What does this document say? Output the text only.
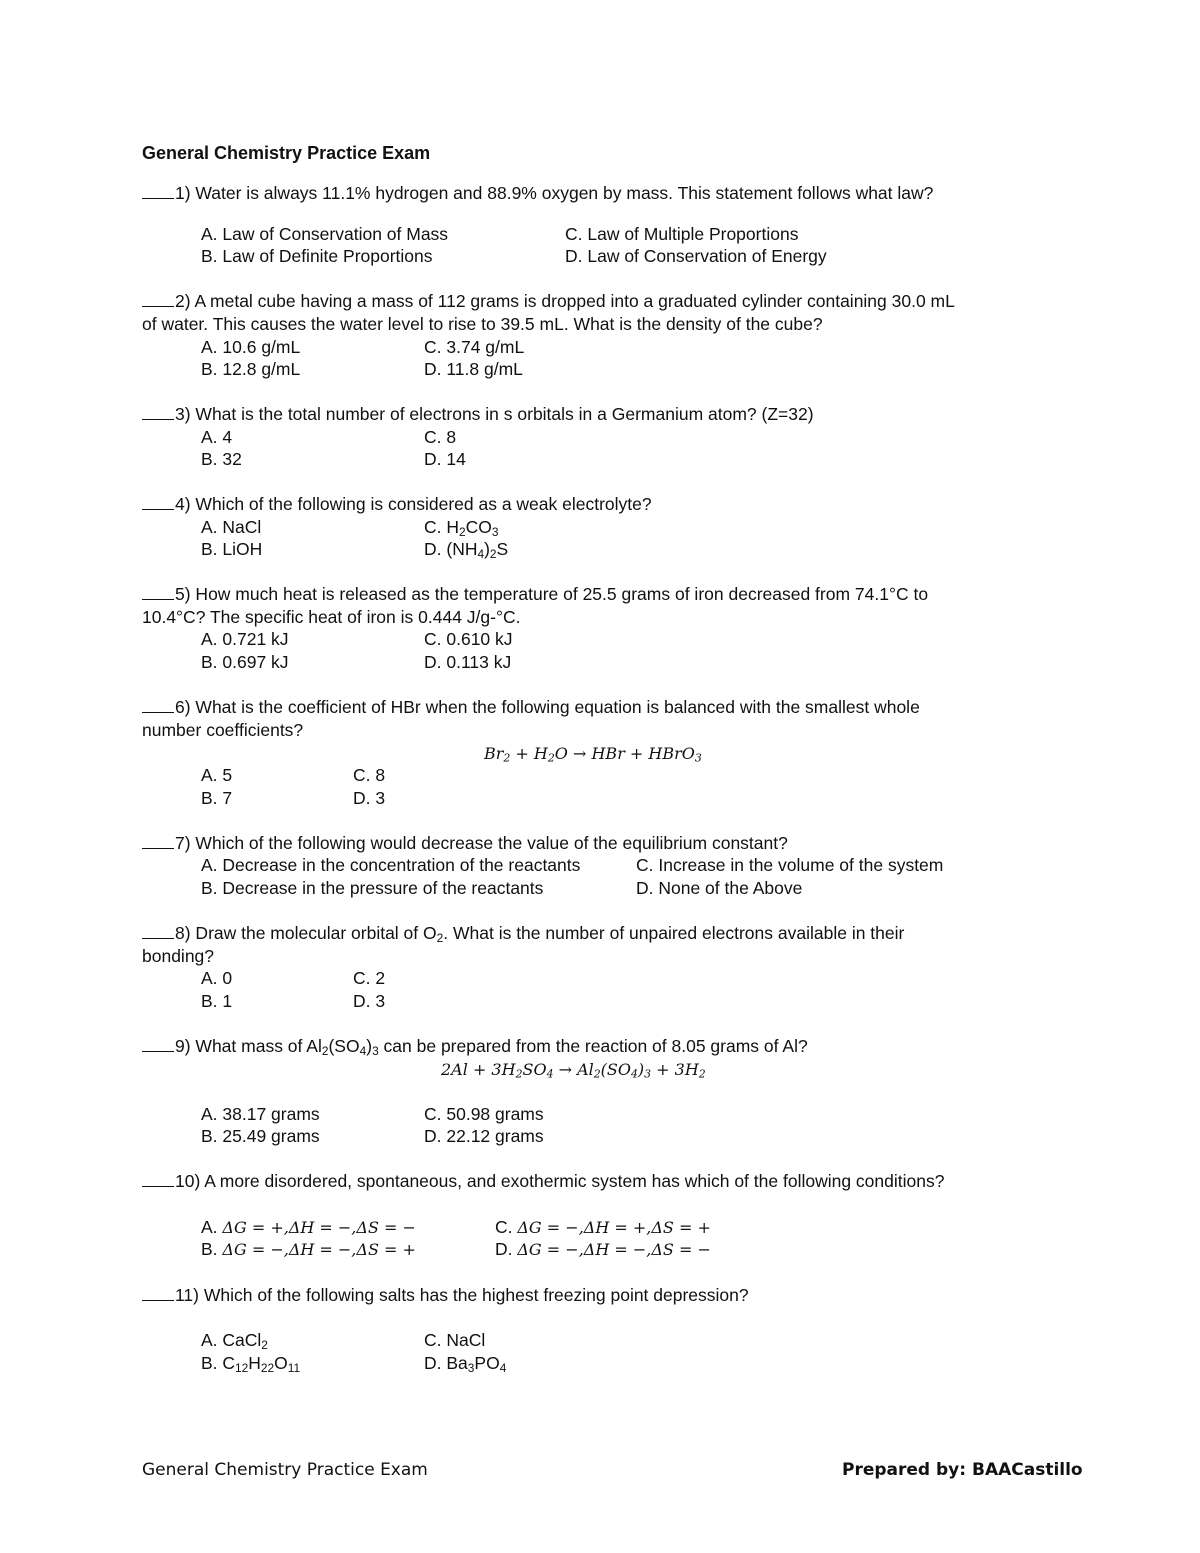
General Chemistry Practice Exam
1) Water is always 11.1% hydrogen and 88.9% oxygen by mass. This statement follows what law?
A. Law of Conservation of Mass
B. Law of Definite Proportions
C. Law of Multiple Proportions
D. Law of Conservation of Energy
2) A metal cube having a mass of 112 grams is dropped into a graduated cylinder containing 30.0 mL
of water. This causes the water level to rise to 39.5 mL. What is the density of the cube?
A. 10.6 g/mL
B. 12.8 g/mL
C. 3.74 g/mL
D. 11.8 g/mL
3) What is the total number of electrons in s orbitals in a Germanium atom? (Z=32)
A. 4
B. 32
C. 8
D. 14
4) Which of the following is considered as a weak electrolyte?
A. NaCl
B. LiOH
C. $H_2CO_3$
D. $(NH_4)_2S$
5) How much heat is released as the temperature of 25.5 grams of iron decreased from 74.1°C to
10.4°C? The specific heat of iron is 0.444 J/g-°C.
A. 0.721 kJ
B. 0.697 kJ
C. 0.610 kJ
D. 0.113 kJ
6) What is the coefficient of HBr when the following equation is balanced with the smallest whole
number coefficients?
$Br_2 + H_2O$ → HBr + HBrO$_3$
A. 5
B. 7
C. 8
D. 3
7) Which of the following would decrease the value of the equilibrium constant?
A. Decrease in the concentration of the reactants
B. Decrease in the pressure of the reactants
C. Increase in the volume of the system
D. None of the Above
8) Draw the molecular orbital of $O_2$. What is the number of unpaired electrons available in their
bonding?
A. 0
B. 1
C. 2
D. 3
9) What mass of $Al_2(SO_4)_3$ can be prepared from the reaction of 8.05 grams of Al?
$2Al + 3H_2SO_4 \to Al_2(SO_4)_3 + 3H_2$
A. 38.17 grams
B. 25.49 grams
C. 50.98 grams
D. 22.12 grams
10) A more disordered, spontaneous, and exothermic system has which of the following conditions?
A. ΔG = +,ΔH = −,ΔS = −
B. ΔG = −,ΔH = −,ΔS = +
C. ΔG = −,ΔH = +,ΔS = +
D. ΔG = −,ΔH = −,ΔS = −
11) Which of the following salts has the highest freezing point depression?
A. CaCl$_2$
B. $C_{12}H_{22}O_{11}$
C. NaCl
D. $Ba_3PO_4$
General Chemistry Practice Exam	Prepared by: BAACastillo
